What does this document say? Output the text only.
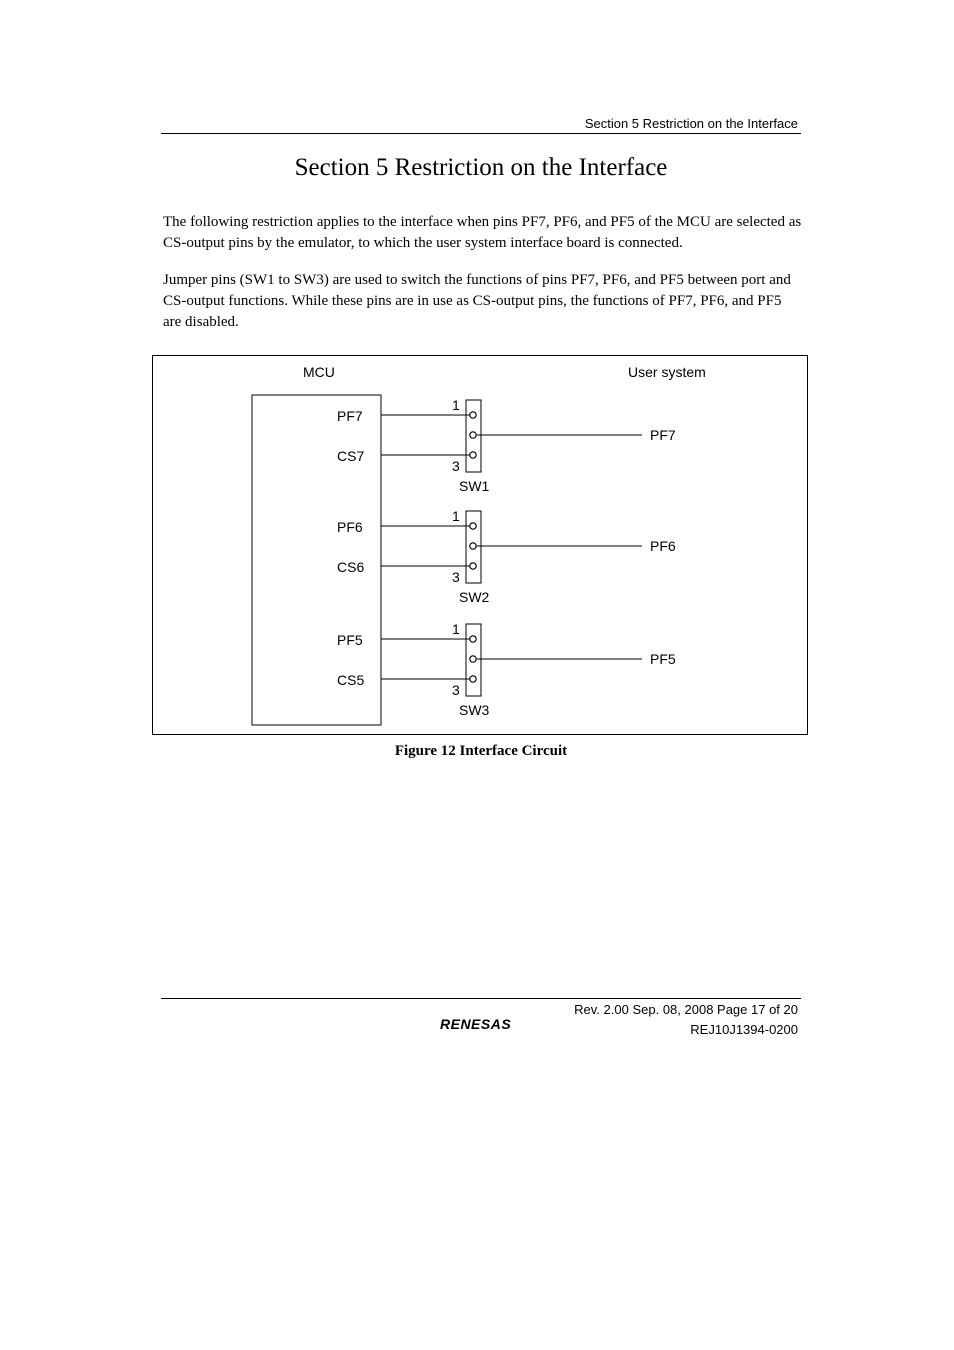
Section 5 Restriction on the Interface
Section 5 Restriction on the Interface
The following restriction applies to the interface when pins PF7, PF6, and PF5 of the MCU are selected as CS-output pins by the emulator, to which the user system interface board is connected.
Jumper pins (SW1 to SW3) are used to switch the functions of pins PF7, PF6, and PF5 between port and CS-output functions. While these pins are in use as CS-output pins, the functions of PF7, PF6, and PF5 are disabled.
MCU	User system
PF7
CS7
1
3
SW1
PF7
PF6
CS6
1
3
SW2
PF6
PF5
CS5
1
3
SW3
PF5
Figure 12 Interface Circuit
Rev. 2.00 Sep. 08, 2008 Page 17 of 20
REJ10J1394-0200
RENESAS
